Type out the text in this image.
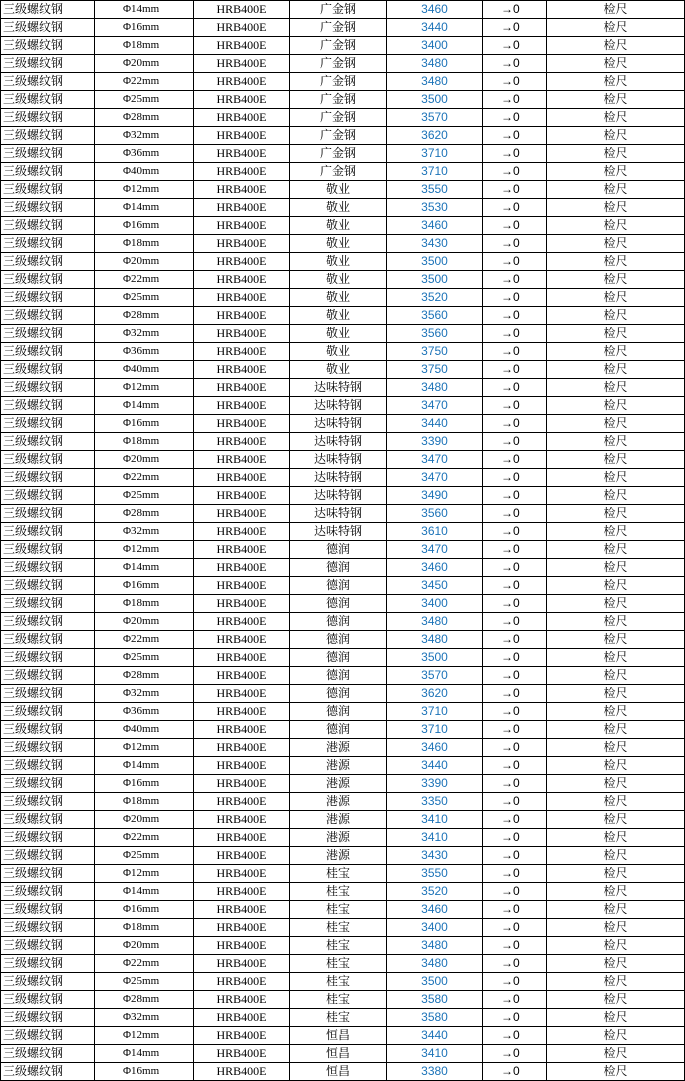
三级螺纹钢	Φ14mm	HRB400E	广金钢	3460	→0	检尺
三级螺纹钢	Φ16mm	HRB400E	广金钢	3440	→0	检尺
三级螺纹钢	Φ18mm	HRB400E	广金钢	3400	→0	检尺
三级螺纹钢	Φ20mm	HRB400E	广金钢	3480	→0	检尺
三级螺纹钢	Φ22mm	HRB400E	广金钢	3480	→0	检尺
三级螺纹钢	Φ25mm	HRB400E	广金钢	3500	→0	检尺
三级螺纹钢	Φ28mm	HRB400E	广金钢	3570	→0	检尺
三级螺纹钢	Φ32mm	HRB400E	广金钢	3620	→0	检尺
三级螺纹钢	Φ36mm	HRB400E	广金钢	3710	→0	检尺
三级螺纹钢	Φ40mm	HRB400E	广金钢	3710	→0	检尺
三级螺纹钢	Φ12mm	HRB400E	敬业	3550	→0	检尺
三级螺纹钢	Φ14mm	HRB400E	敬业	3530	→0	检尺
三级螺纹钢	Φ16mm	HRB400E	敬业	3460	→0	检尺
三级螺纹钢	Φ18mm	HRB400E	敬业	3430	→0	检尺
三级螺纹钢	Φ20mm	HRB400E	敬业	3500	→0	检尺
三级螺纹钢	Φ22mm	HRB400E	敬业	3500	→0	检尺
三级螺纹钢	Φ25mm	HRB400E	敬业	3520	→0	检尺
三级螺纹钢	Φ28mm	HRB400E	敬业	3560	→0	检尺
三级螺纹钢	Φ32mm	HRB400E	敬业	3560	→0	检尺
三级螺纹钢	Φ36mm	HRB400E	敬业	3750	→0	检尺
三级螺纹钢	Φ40mm	HRB400E	敬业	3750	→0	检尺
三级螺纹钢	Φ12mm	HRB400E	达味特钢	3480	→0	检尺
三级螺纹钢	Φ14mm	HRB400E	达味特钢	3470	→0	检尺
三级螺纹钢	Φ16mm	HRB400E	达味特钢	3440	→0	检尺
三级螺纹钢	Φ18mm	HRB400E	达味特钢	3390	→0	检尺
三级螺纹钢	Φ20mm	HRB400E	达味特钢	3470	→0	检尺
三级螺纹钢	Φ22mm	HRB400E	达味特钢	3470	→0	检尺
三级螺纹钢	Φ25mm	HRB400E	达味特钢	3490	→0	检尺
三级螺纹钢	Φ28mm	HRB400E	达味特钢	3560	→0	检尺
三级螺纹钢	Φ32mm	HRB400E	达味特钢	3610	→0	检尺
三级螺纹钢	Φ12mm	HRB400E	德润	3470	→0	检尺
三级螺纹钢	Φ14mm	HRB400E	德润	3460	→0	检尺
三级螺纹钢	Φ16mm	HRB400E	德润	3450	→0	检尺
三级螺纹钢	Φ18mm	HRB400E	德润	3400	→0	检尺
三级螺纹钢	Φ20mm	HRB400E	德润	3480	→0	检尺
三级螺纹钢	Φ22mm	HRB400E	德润	3480	→0	检尺
三级螺纹钢	Φ25mm	HRB400E	德润	3500	→0	检尺
三级螺纹钢	Φ28mm	HRB400E	德润	3570	→0	检尺
三级螺纹钢	Φ32mm	HRB400E	德润	3620	→0	检尺
三级螺纹钢	Φ36mm	HRB400E	德润	3710	→0	检尺
三级螺纹钢	Φ40mm	HRB400E	德润	3710	→0	检尺
三级螺纹钢	Φ12mm	HRB400E	港源	3460	→0	检尺
三级螺纹钢	Φ14mm	HRB400E	港源	3440	→0	检尺
三级螺纹钢	Φ16mm	HRB400E	港源	3390	→0	检尺
三级螺纹钢	Φ18mm	HRB400E	港源	3350	→0	检尺
三级螺纹钢	Φ20mm	HRB400E	港源	3410	→0	检尺
三级螺纹钢	Φ22mm	HRB400E	港源	3410	→0	检尺
三级螺纹钢	Φ25mm	HRB400E	港源	3430	→0	检尺
三级螺纹钢	Φ12mm	HRB400E	桂宝	3550	→0	检尺
三级螺纹钢	Φ14mm	HRB400E	桂宝	3520	→0	检尺
三级螺纹钢	Φ16mm	HRB400E	桂宝	3460	→0	检尺
三级螺纹钢	Φ18mm	HRB400E	桂宝	3400	→0	检尺
三级螺纹钢	Φ20mm	HRB400E	桂宝	3480	→0	检尺
三级螺纹钢	Φ22mm	HRB400E	桂宝	3480	→0	检尺
三级螺纹钢	Φ25mm	HRB400E	桂宝	3500	→0	检尺
三级螺纹钢	Φ28mm	HRB400E	桂宝	3580	→0	检尺
三级螺纹钢	Φ32mm	HRB400E	桂宝	3580	→0	检尺
三级螺纹钢	Φ12mm	HRB400E	恒昌	3440	→0	检尺
三级螺纹钢	Φ14mm	HRB400E	恒昌	3410	→0	检尺
三级螺纹钢	Φ16mm	HRB400E	恒昌	3380	→0	检尺
